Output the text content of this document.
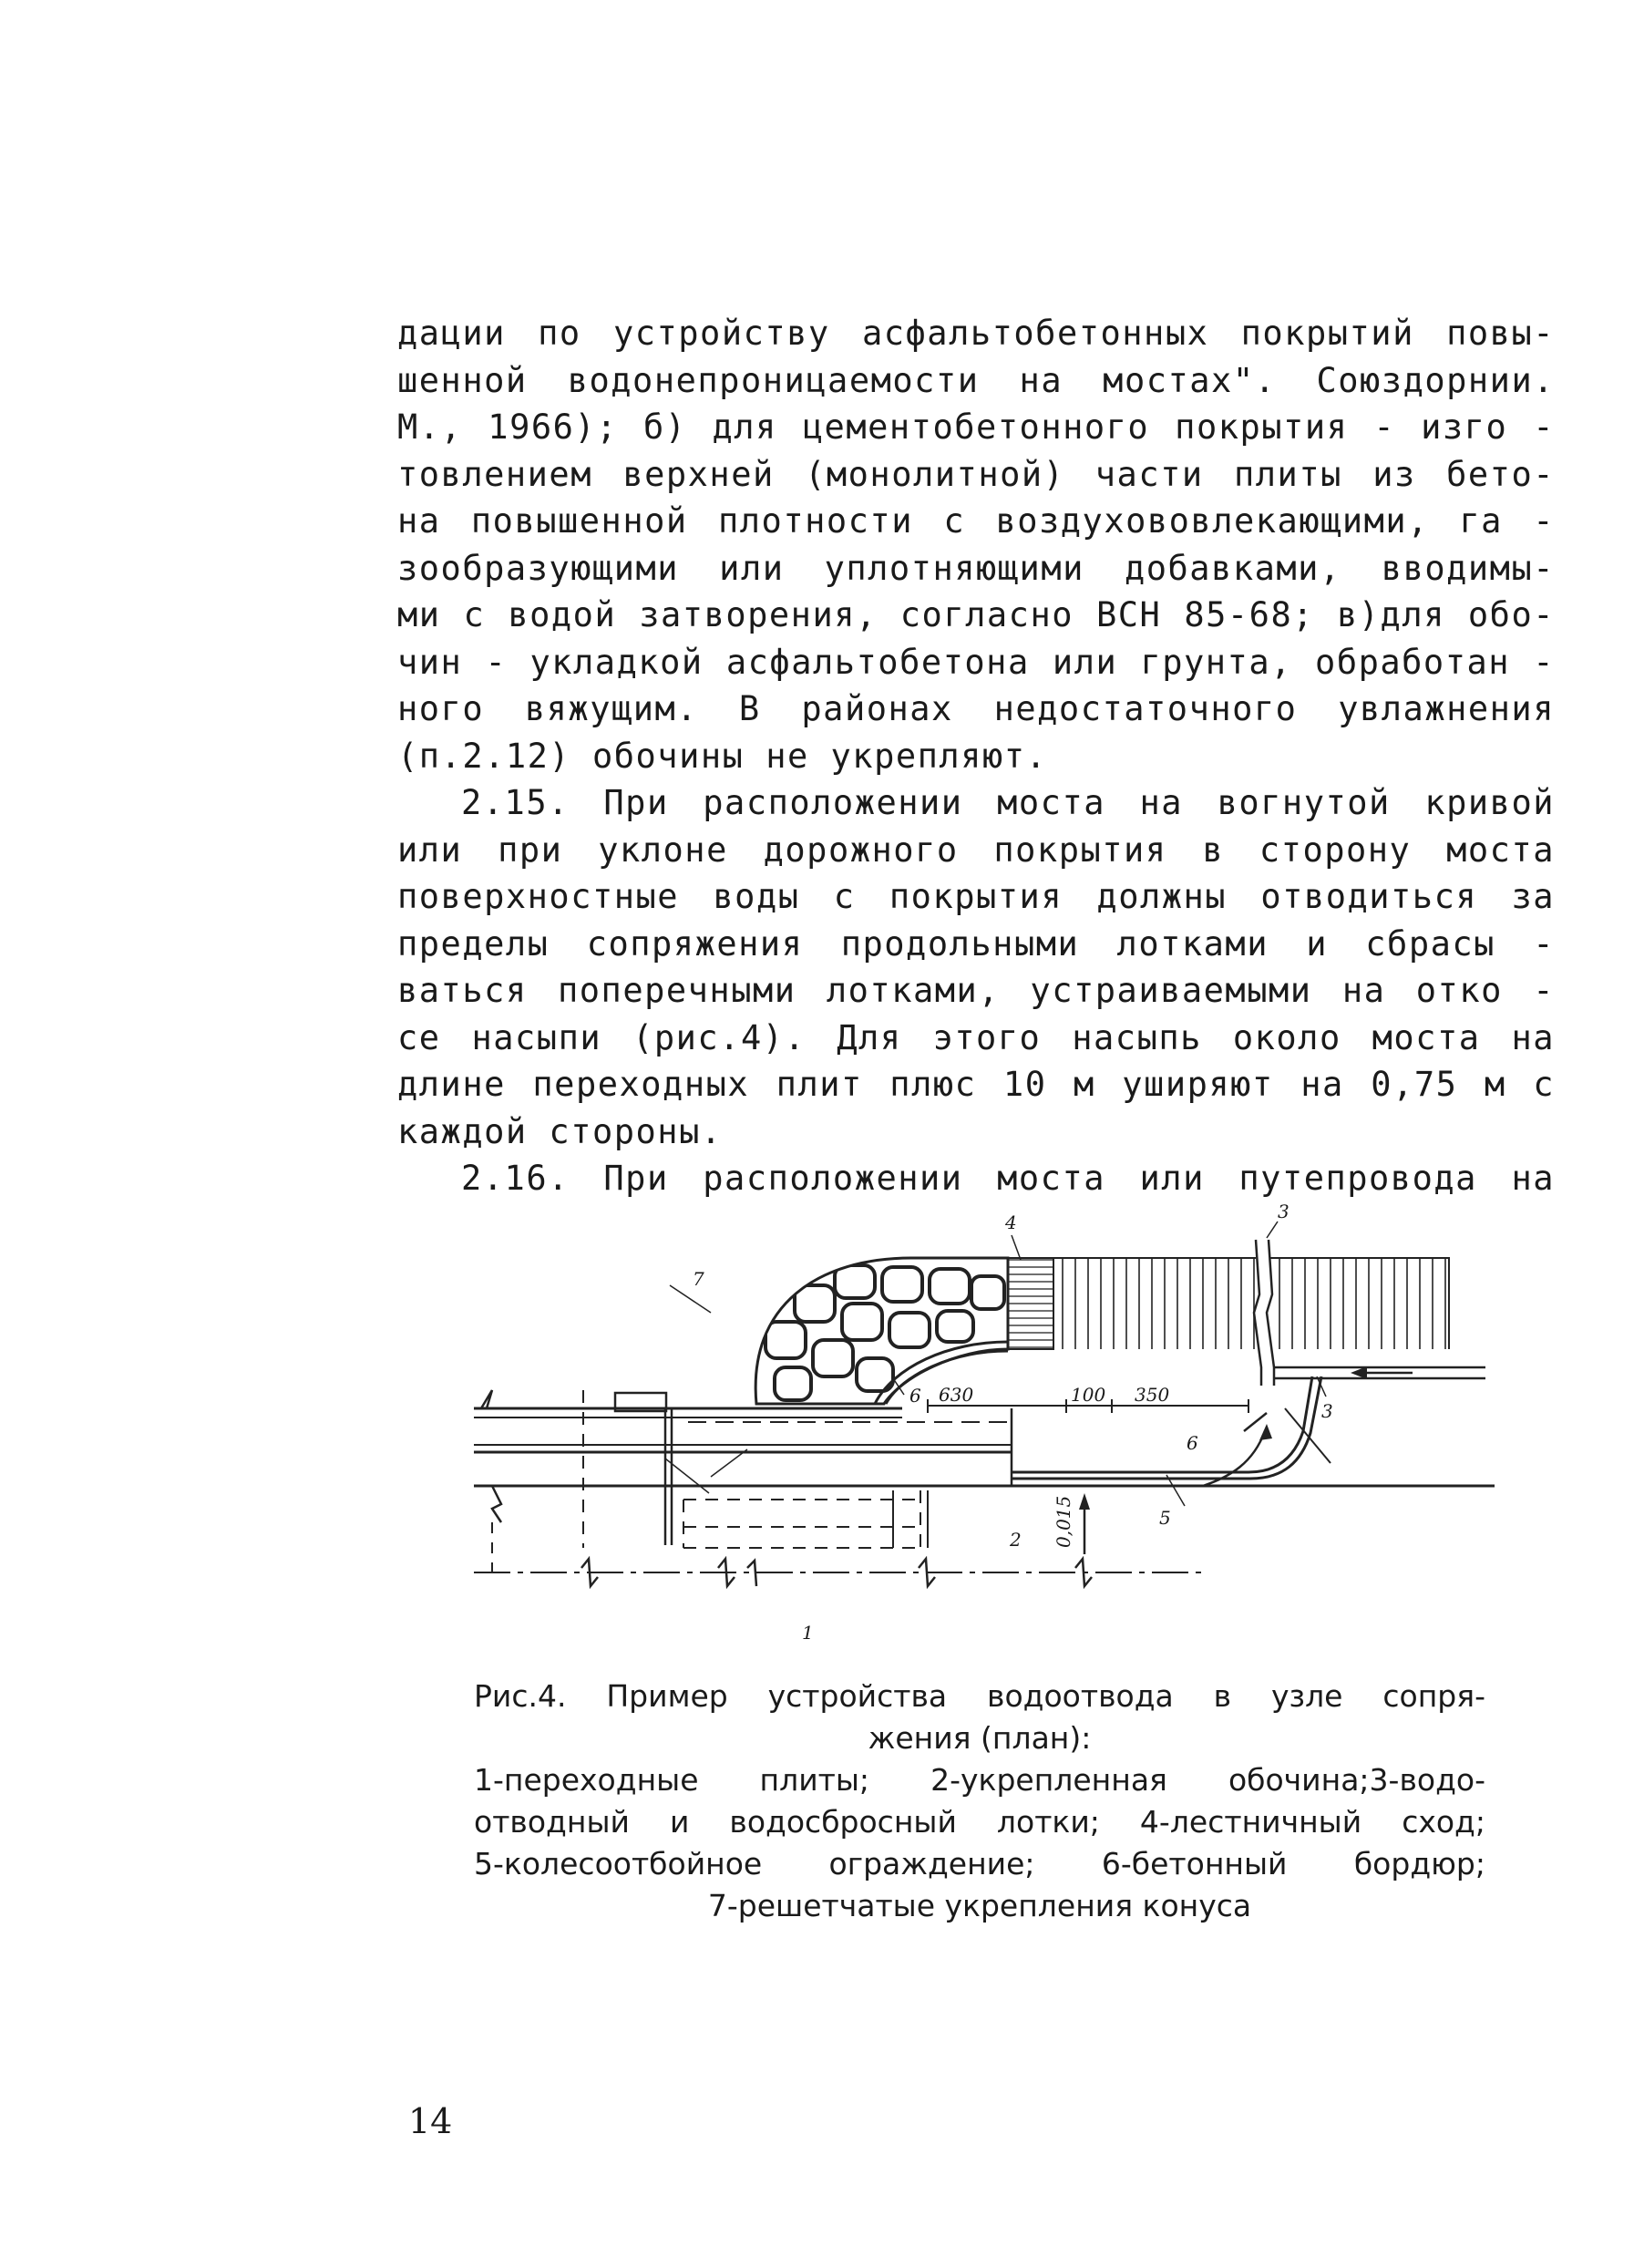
дации по устройству асфальтобетонных покрытий повы-
шенной водонепроницаемости на мостах". Союздорнии.
М., 1966); б) для цементобетонного покрытия - изго -
товлением верхней (монолитной) части плиты из бето-
на повышенной плотности с воздухововлекающими, га -
зообразующими или уплотняющими добавками, вводимы-
ми с водой затворения, согласно ВСН 85-68; в)для обо-
чин - укладкой асфальтобетона или грунта, обработан -
ного вяжущим. В районах недостаточного увлажнения
(п.2.12) обочины не укрепляют.
2.15. При расположении моста на вогнутой кривой
или при уклоне дорожного покрытия в сторону моста
поверхностные воды с покрытия должны отводиться за
пределы сопряжения продольными лотками и сбрасы -
ваться поперечными лотками, устраиваемыми на отко -
се насыпи (рис.4). Для этого насыпь около моста на
длине переходных плит плюс 10 м уширяют на 0,75 м с
каждой стороны.
2.16. При расположении моста или путепровода на
7
4	3
3
6
6
630	100 350
2
5
1
0,015
Рис.4. Пример устройства водоотвода в узле сопря-
жения (план):
1-переходные плиты; 2-укрепленная обочина;3-водо-
отводный и водосбросный лотки; 4-лестничный сход;
5-колесоотбойное ограждение; 6-бетонный бордюр;
7-решетчатые укрепления конуса
14
